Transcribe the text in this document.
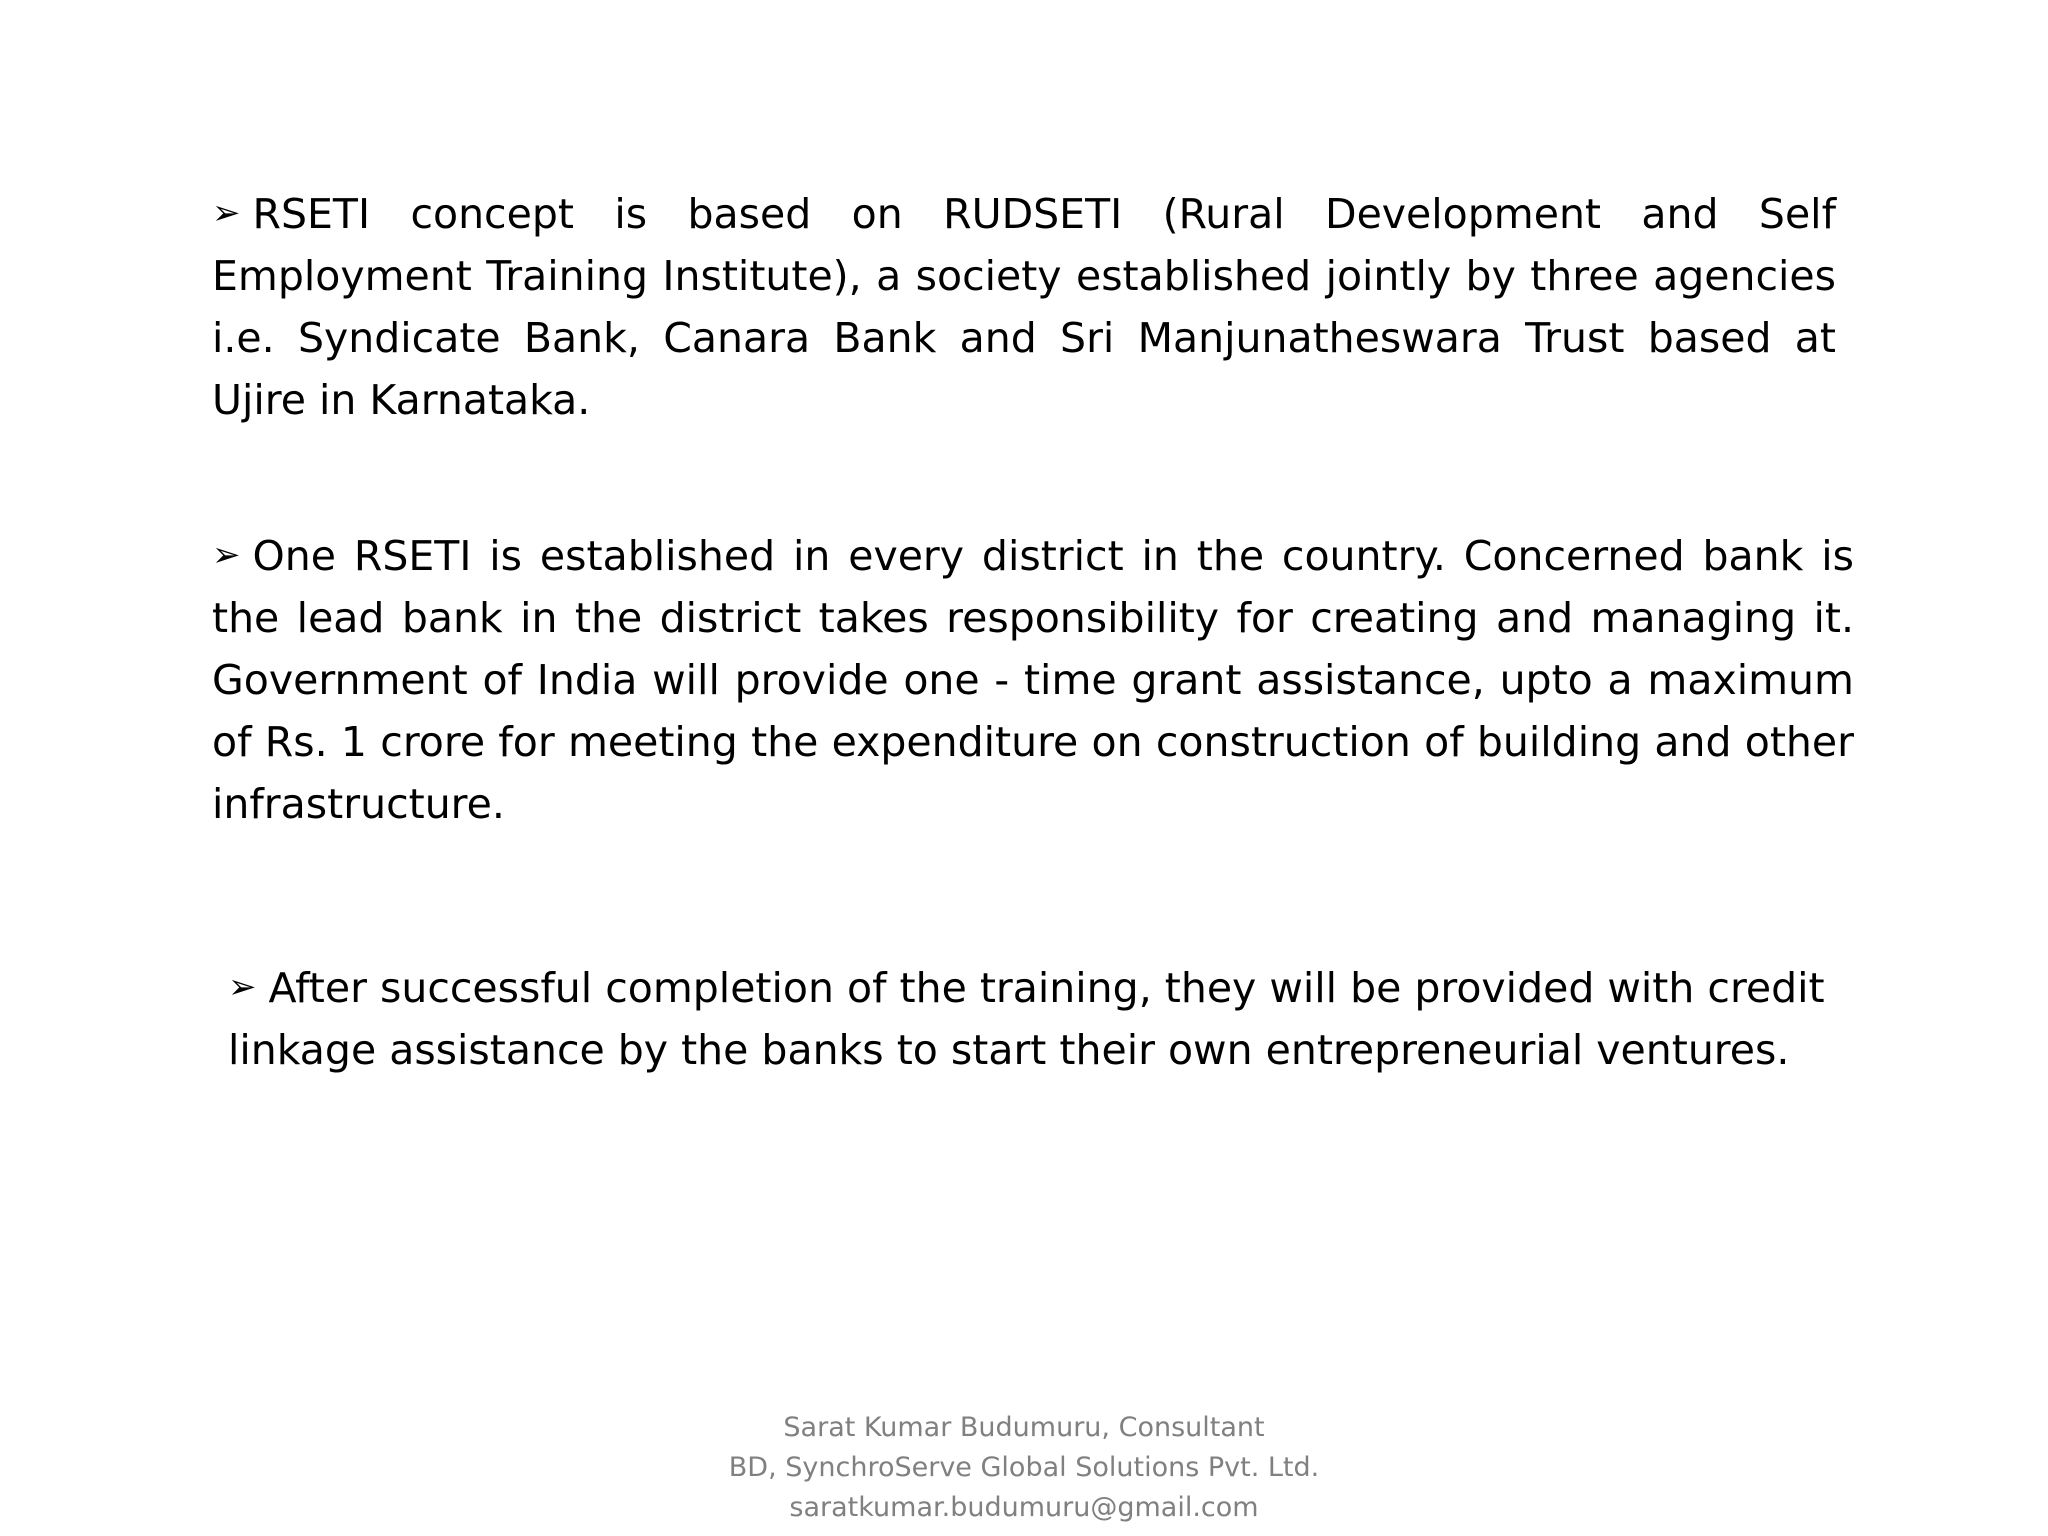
➢ RSETI concept is based on RUDSETI (Rural Development and Self Employment Training Institute), a society established jointly by three agencies i.e. Syndicate Bank, Canara Bank and Sri Manjunatheswara Trust based at Ujire in Karnataka.
➢ One RSETI is established in every district in the country. Concerned bank is the lead bank in the district takes responsibility for creating and managing it. Government of India will provide one - time grant assistance, upto a maximum of Rs. 1 crore for meeting the expenditure on construction of building and other infrastructure.
➢ After successful completion of the training, they will be provided with credit linkage assistance by the banks to start their own entrepreneurial ventures.
Sarat Kumar Budumuru, Consultant
BD, SynchroServe Global Solutions Pvt. Ltd.
saratkumar.budumuru@gmail.com
